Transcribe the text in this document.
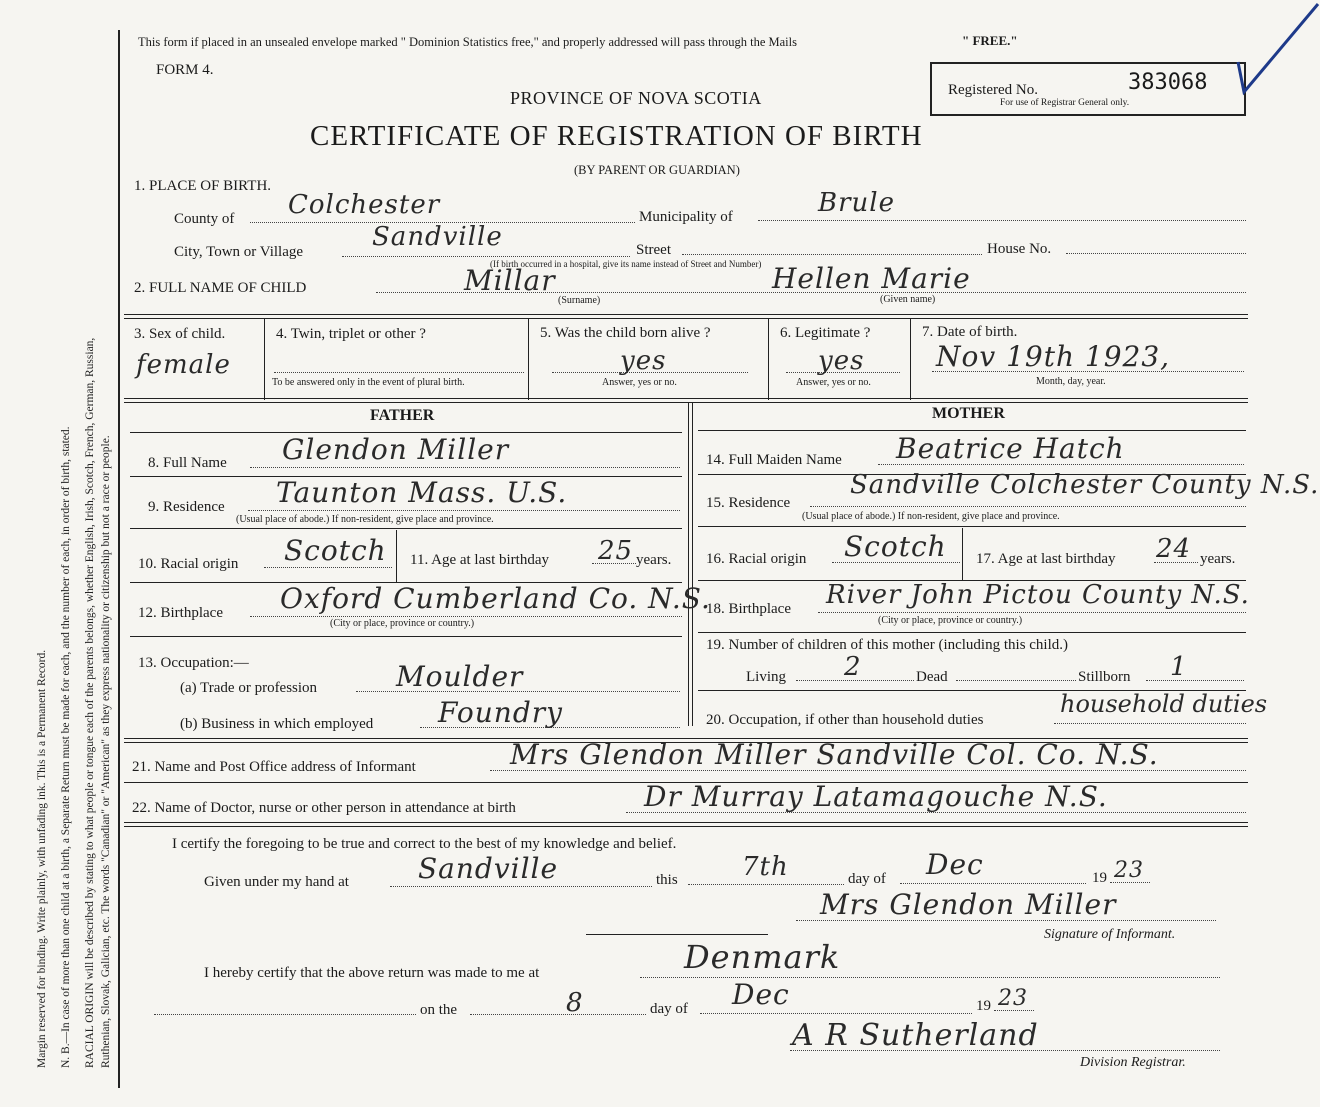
Margin reserved for binding. Write plainly, with unfading ink. This is a Permanent Record. N. B.—In case of more than one child at a birth, a Separate Return must be made for each, and the number of each, in order of birth, stated. RACIAL ORIGIN will be described by stating to what people or tongue each of the parents belongs, whether English, Irish, Scotch, French, German, Russian, Ruthenian, Slovak, Galician, etc. The words "Canadian" or "American" as they express nationality or citizenship but not a race or people.
This form if placed in an unsealed envelope marked " Dominion Statistics free," and properly addressed will pass through the Mails	" FREE."
FORM 4.
PROVINCE OF NOVA SCOTIA
CERTIFICATE OF REGISTRATION OF BIRTH
(BY PARENT OR GUARDIAN)
Registered No.	383068
For use of Registrar General only.
1. PLACE OF BIRTH.
County of Colchester	Municipality of	Brule
City, Town or Village	Sandville	Street	House No.
(If birth occurred in a hospital, give its name instead of Street and Number)
2. FULL NAME OF CHILD	Millar	Hellen Marie
(Surname)	(Given name)
3. Sex of child.
female
4. Twin, triplet or other ?
To be answered only in the event of plural birth.
5. Was the child born alive ?
yes
Answer, yes or no.
6. Legitimate ?
yes
Answer, yes or no.
7. Date of birth.
Nov 19th 1923,
Month, day, year.
FATHER
8. Full Name Glendon Miller
9. Residence Taunton Mass. U.S.
(Usual place of abode.) If non-resident, give place and province.
10. Racial origin Scotch 11. Age at last birthday 25 years.
12. Birthplace Oxford Cumberland Co. N.S.
(City or place, province or country.)
13. Occupation:—
(a) Trade or profession	Moulder
(b) Business in which employed Foundry
MOTHER
14. Full Maiden Name Beatrice Hatch
15. Residence
Sandville Colchester County N.S.
(Usual place of abode.) If non-resident, give place and province.
16. Racial origin Scotch 17. Age at last birthday 24 years.
18. Birthplace River John Pictou County N.S.
(City or place, province or country.)
19. Number of children of this mother (including this child.)
Living 2	Dead	Stillborn 1
20. Occupation, if other than household duties
household duties
21. Name and Post Office address of Informant	Mrs Glendon Miller Sandville Col. Co. N.S.
22. Name of Doctor, nurse or other person in attendance at birth	Dr Murray Latamagouche N.S.
I certify the foregoing to be true and correct to the best of my knowledge and belief.
Given under my hand at Sandville	this 7th	day of Dec	19 23
Mrs Glendon Miller
Signature of Informant.
I hereby certify that the above return was made to me at	Denmark
on the	8	day of Dec	19 23
A R Sutherland
Division Registrar.
